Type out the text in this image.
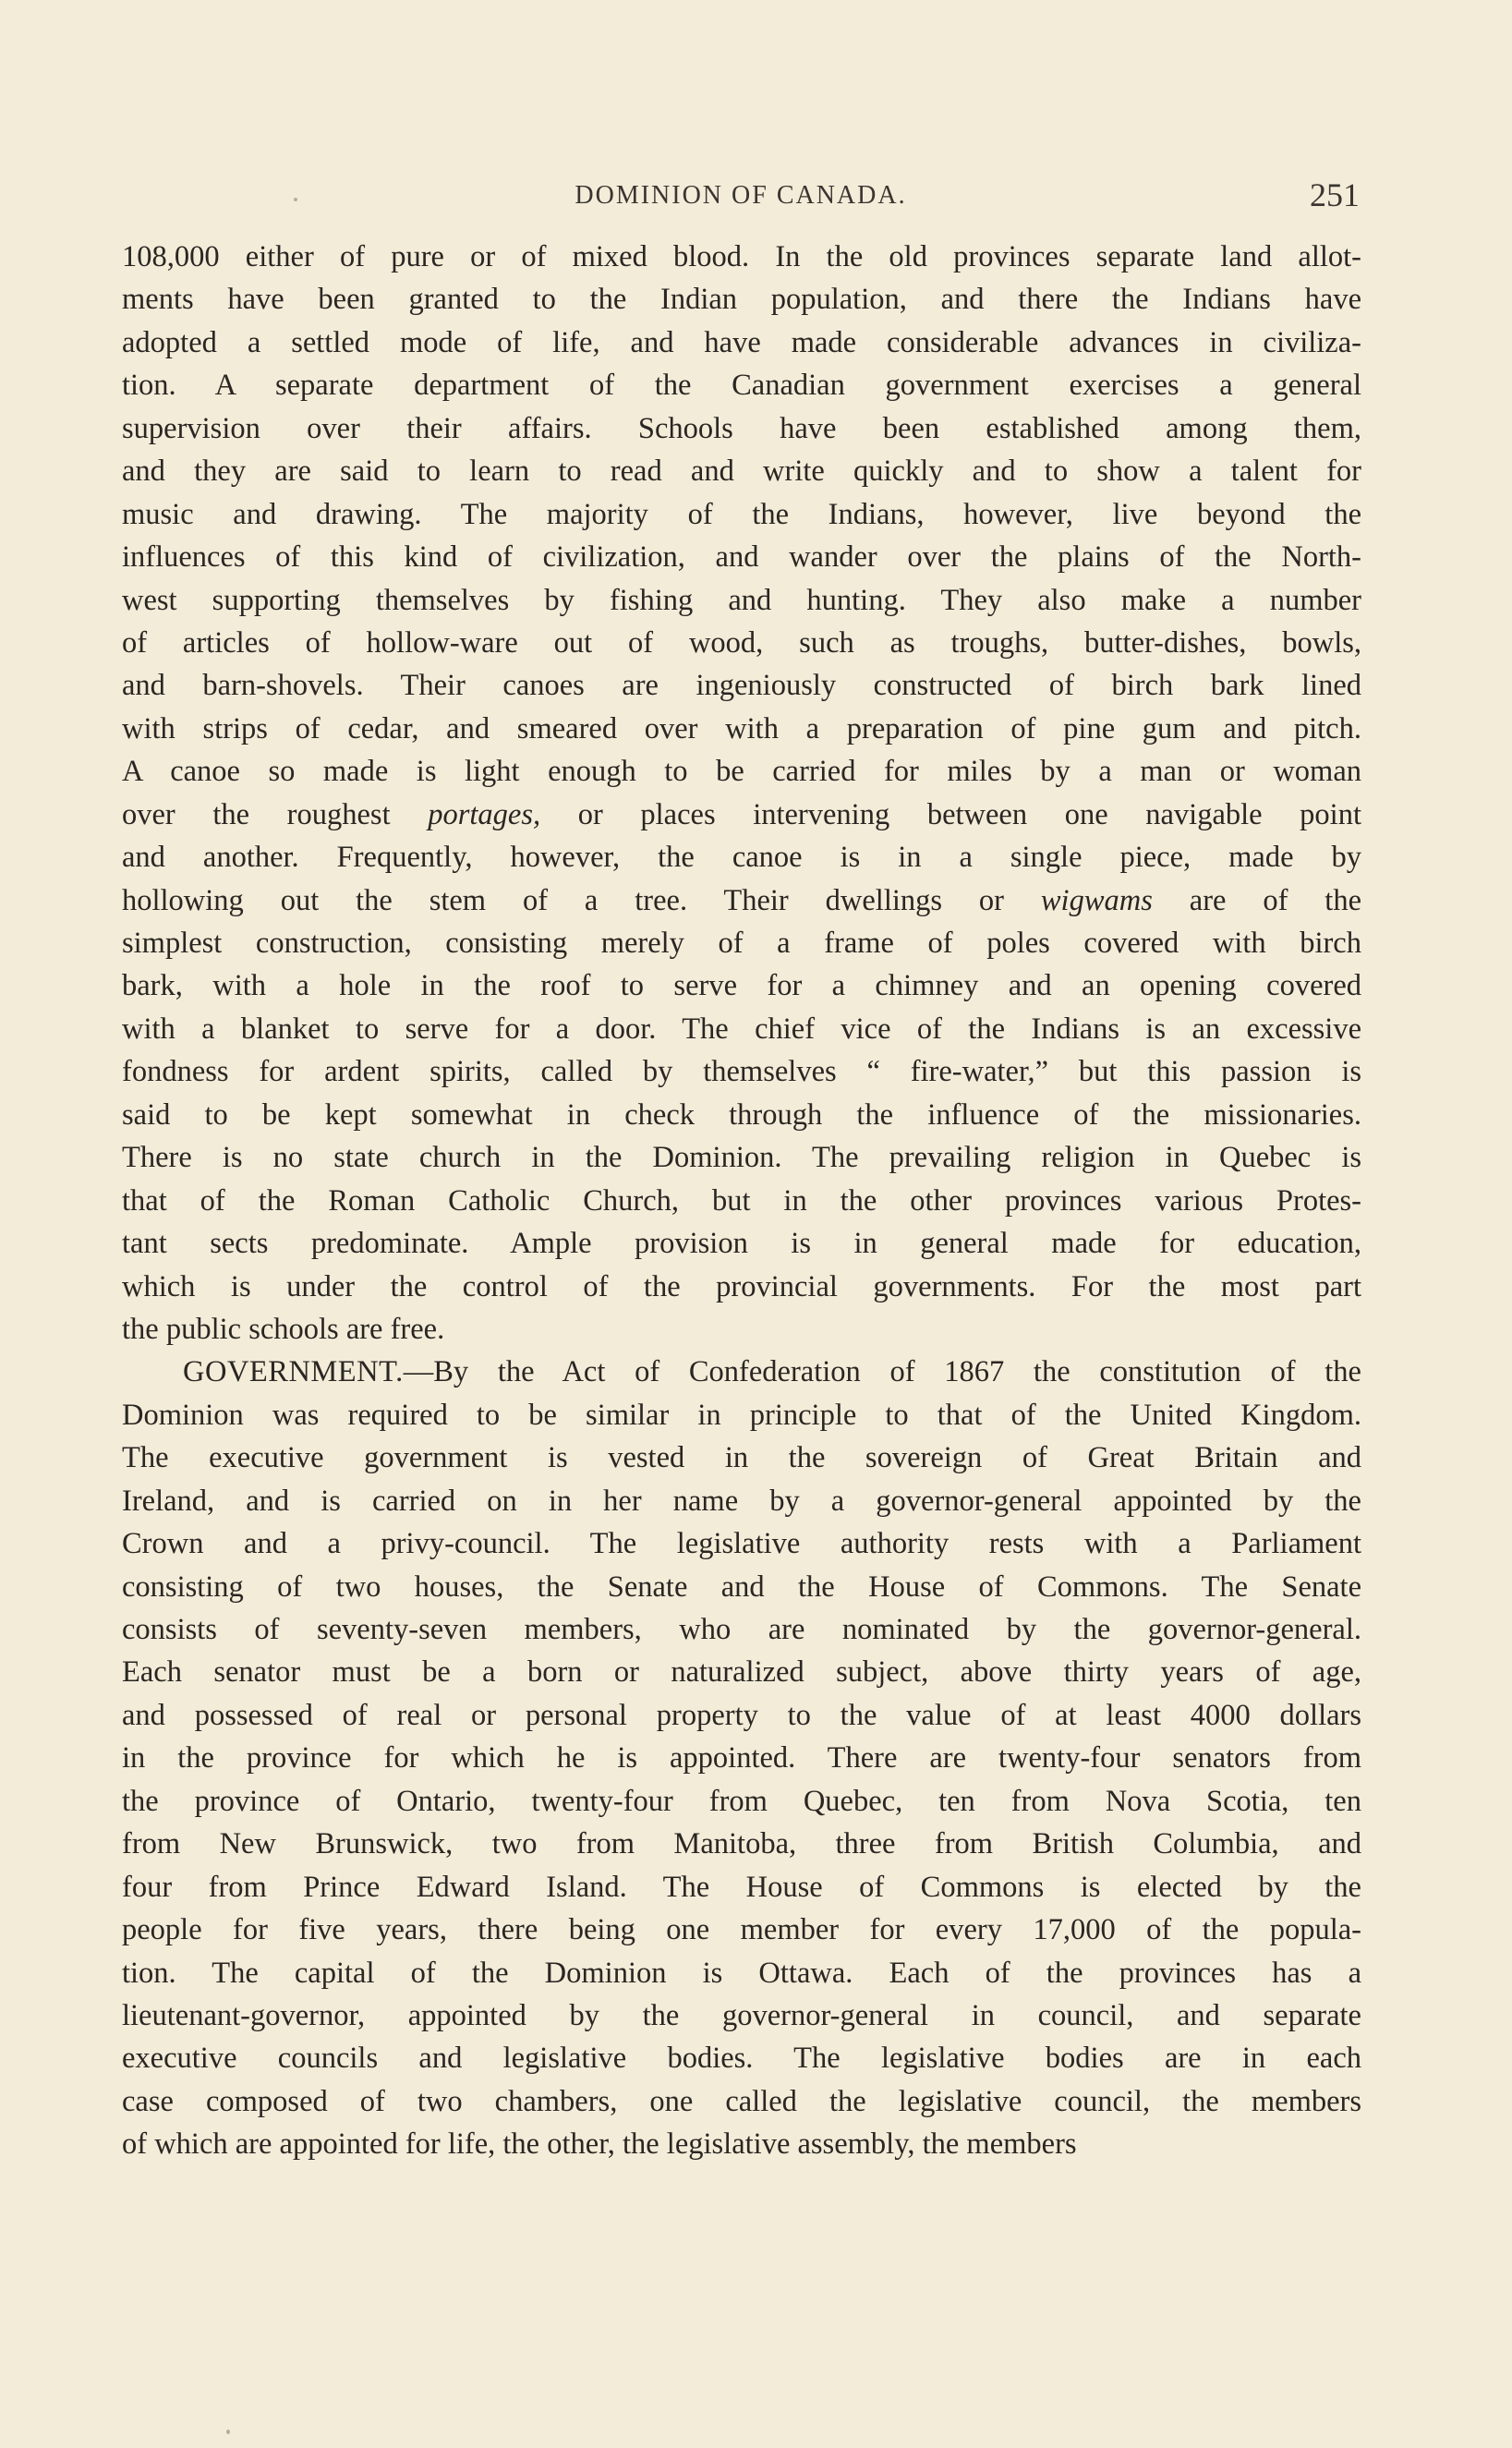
DOMINION OF CANADA.	251
108,000 either of pure or of mixed blood. In the old provinces separate land allot-
ments have been granted to the Indian population, and there the Indians have
adopted a settled mode of life, and have made considerable advances in civiliza-
tion. A separate department of the Canadian government exercises a general
supervision over their affairs. Schools have been established among them,
and they are said to learn to read and write quickly and to show a talent for
music and drawing. The majority of the Indians, however, live beyond the
influences of this kind of civilization, and wander over the plains of the North-
west supporting themselves by fishing and hunting. They also make a number
of articles of hollow-ware out of wood, such as troughs, butter-dishes, bowls,
and barn-shovels. Their canoes are ingeniously constructed of birch bark lined
with strips of cedar, and smeared over with a preparation of pine gum and pitch.
A canoe so made is light enough to be carried for miles by a man or woman
over the roughest portages, or places intervening between one navigable point
and another. Frequently, however, the canoe is in a single piece, made by
hollowing out the stem of a tree. Their dwellings or wigwams are of the
simplest construction, consisting merely of a frame of poles covered with birch
bark, with a hole in the roof to serve for a chimney and an opening covered
with a blanket to serve for a door. The chief vice of the Indians is an excessive
fondness for ardent spirits, called by themselves “ fire-water,” but this passion is
said to be kept somewhat in check through the influence of the missionaries.
There is no state church in the Dominion. The prevailing religion in Quebec is
that of the Roman Catholic Church, but in the other provinces various Protes-
tant sects predominate. Ample provision is in general made for education,
which is under the control of the provincial governments. For the most part
the public schools are free.
GOVERNMENT.—By the Act of Confederation of 1867 the constitution of the
Dominion was required to be similar in principle to that of the United Kingdom.
The executive government is vested in the sovereign of Great Britain and
Ireland, and is carried on in her name by a governor-general appointed by the
Crown and a privy-council. The legislative authority rests with a Parliament
consisting of two houses, the Senate and the House of Commons. The Senate
consists of seventy-seven members, who are nominated by the governor-general.
Each senator must be a born or naturalized subject, above thirty years of age,
and possessed of real or personal property to the value of at least 4000 dollars
in the province for which he is appointed. There are twenty-four senators from
the province of Ontario, twenty-four from Quebec, ten from Nova Scotia, ten
from New Brunswick, two from Manitoba, three from British Columbia, and
four from Prince Edward Island. The House of Commons is elected by the
people for five years, there being one member for every 17,000 of the popula-
tion. The capital of the Dominion is Ottawa. Each of the provinces has a
lieutenant-governor, appointed by the governor-general in council, and separate
executive councils and legislative bodies. The legislative bodies are in each
case composed of two chambers, one called the legislative council, the members
of which are appointed for life, the other, the legislative assembly, the members
